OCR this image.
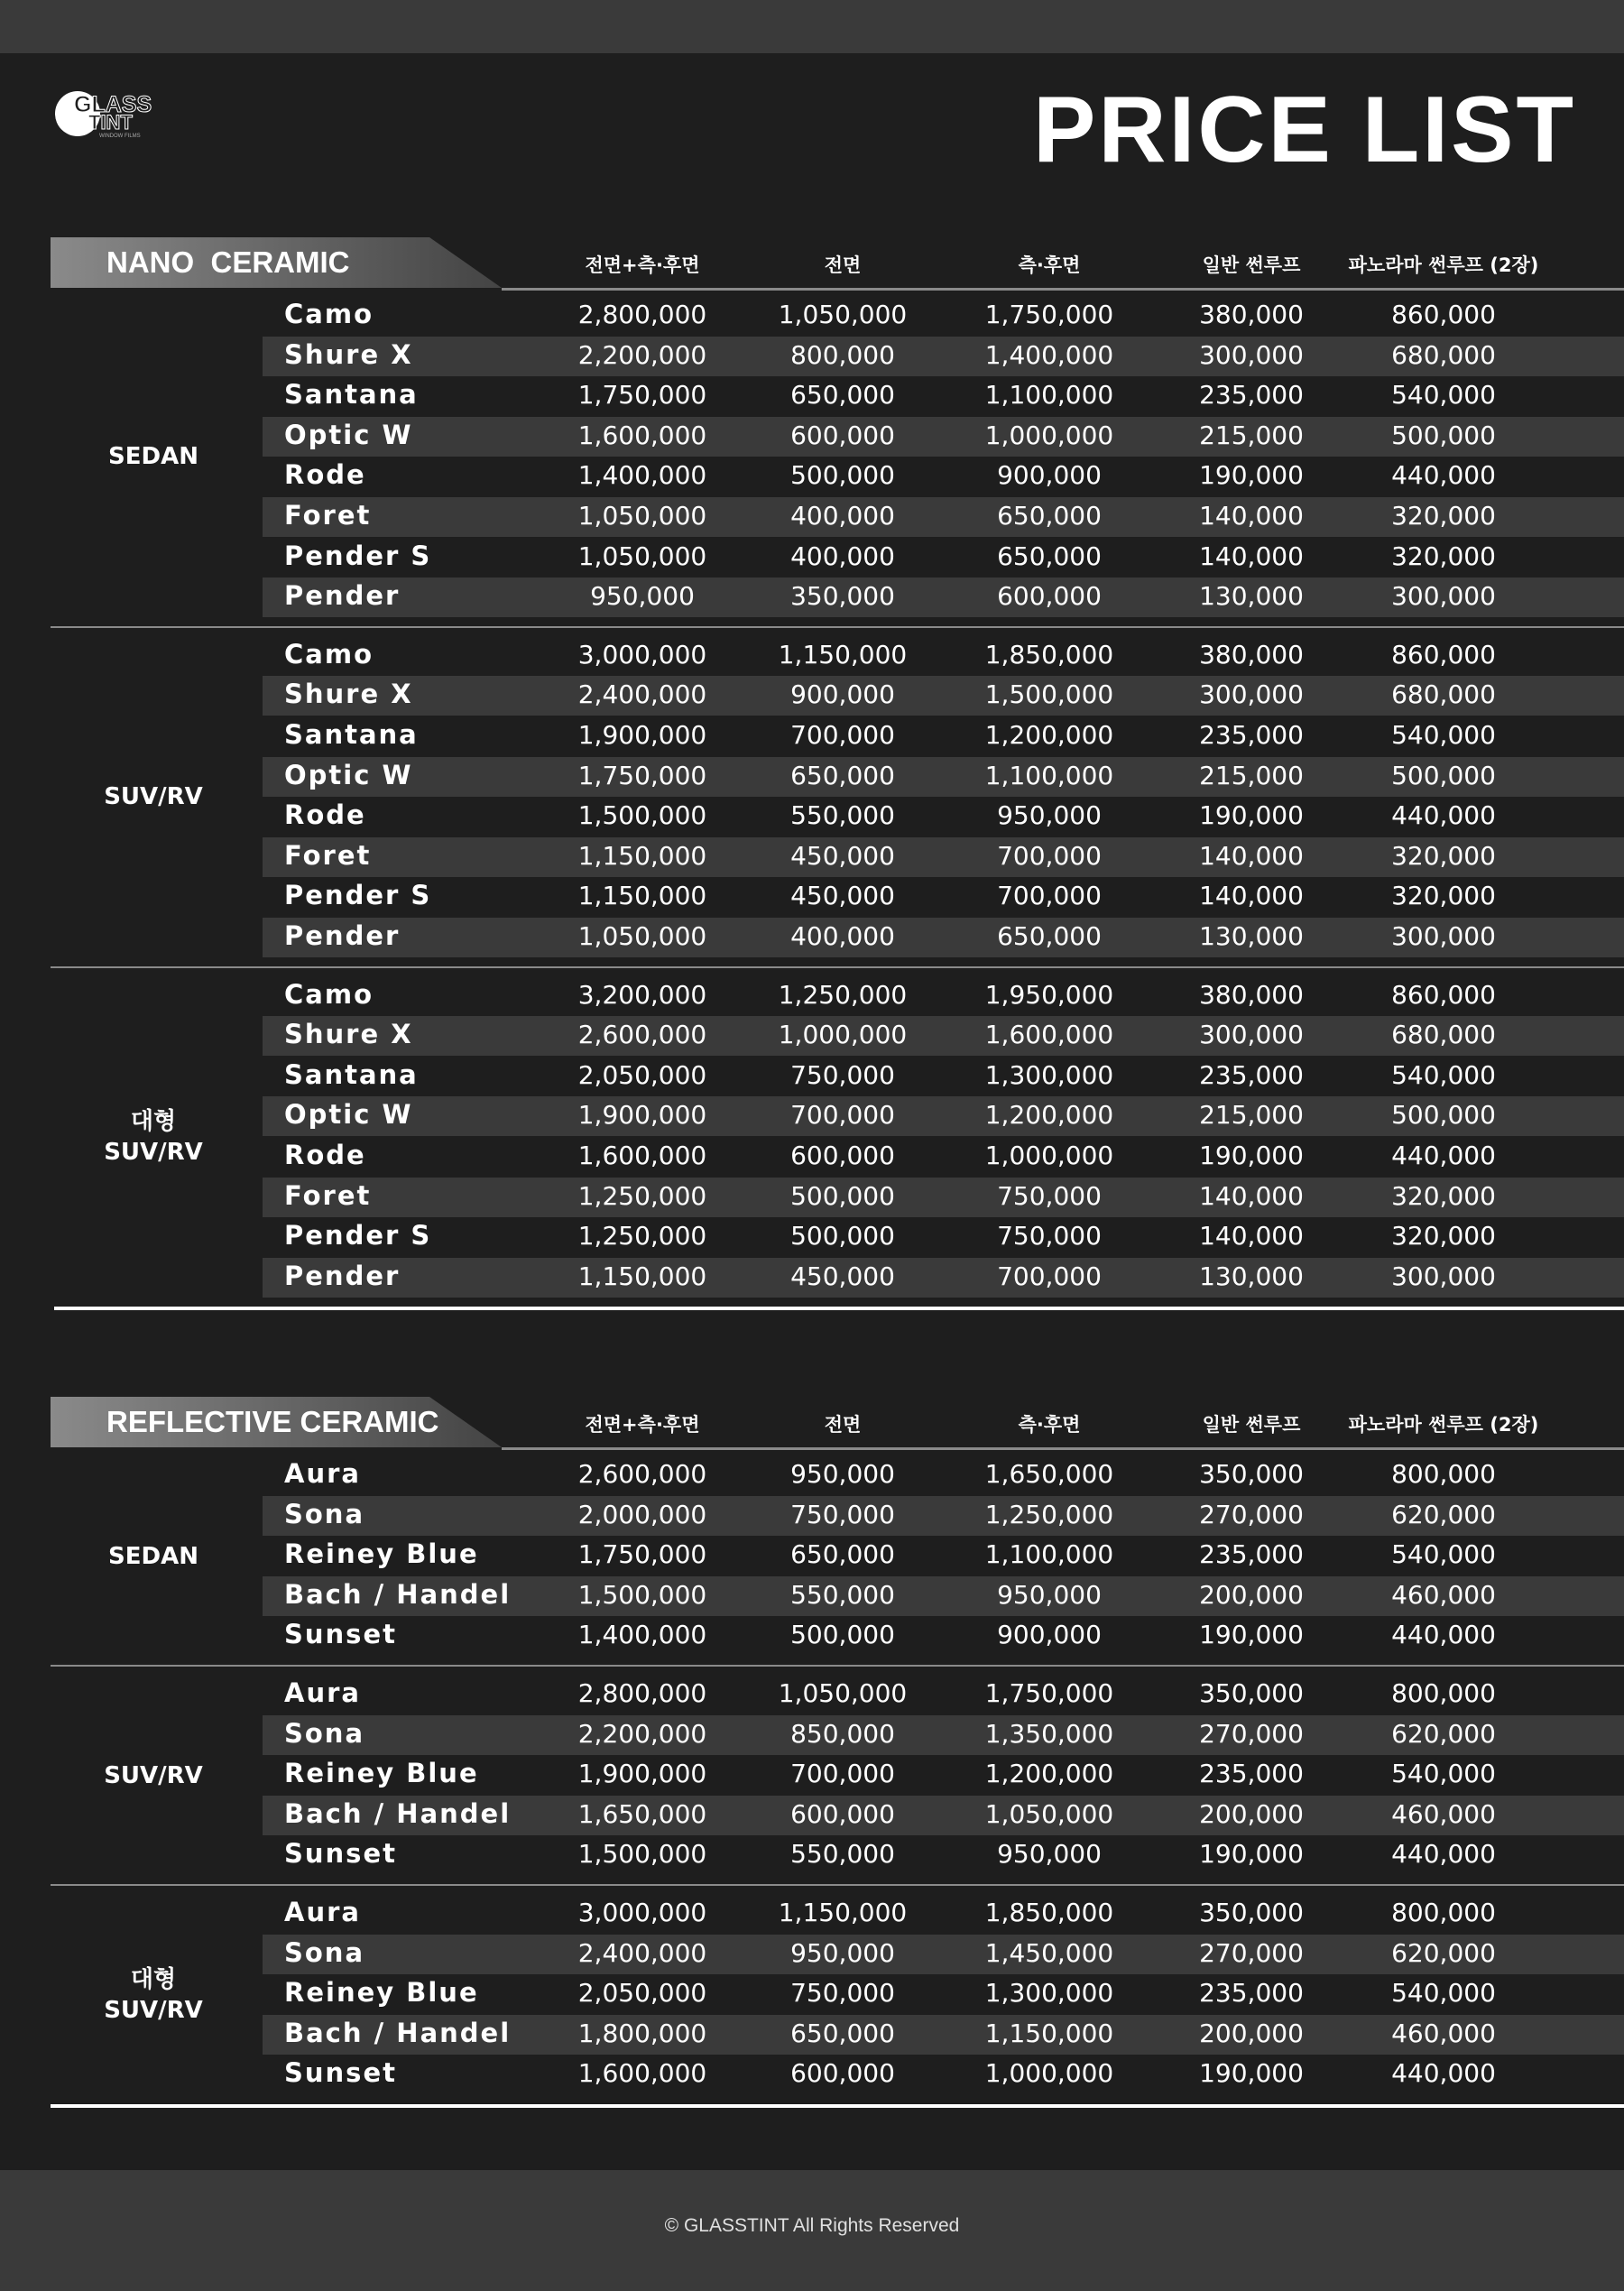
GLASS
TINT
WINDOW FILMS	PRICE LIST
NANO  CERAMIC	전면+측·후면	전면	측·후면	일반 썬루프	파노라마 썬루프 (2장)
SEDAN
Camo	2,800,000	1,050,000	1,750,000	380,000	860,000
Shure X	2,200,000	800,000	1,400,000	300,000	680,000
Santana	1,750,000	650,000	1,100,000	235,000	540,000
Optic W	1,600,000	600,000	1,000,000	215,000	500,000
Rode	1,400,000	500,000	900,000	190,000	440,000
Foret	1,050,000	400,000	650,000	140,000	320,000
Pender S	1,050,000	400,000	650,000	140,000	320,000
Pender	950,000	350,000	600,000	130,000	300,000
SUV/RV
Camo	3,000,000	1,150,000	1,850,000	380,000	860,000
Shure X	2,400,000	900,000	1,500,000	300,000	680,000
Santana	1,900,000	700,000	1,200,000	235,000	540,000
Optic W	1,750,000	650,000	1,100,000	215,000	500,000
Rode	1,500,000	550,000	950,000	190,000	440,000
Foret	1,150,000	450,000	700,000	140,000	320,000
Pender S	1,150,000	450,000	700,000	140,000	320,000
Pender	1,050,000	400,000	650,000	130,000	300,000
대형
SUV/RV
Camo	3,200,000	1,250,000	1,950,000	380,000	860,000
Shure X	2,600,000	1,000,000	1,600,000	300,000	680,000
Santana	2,050,000	750,000	1,300,000	235,000	540,000
Optic W	1,900,000	700,000	1,200,000	215,000	500,000
Rode	1,600,000	600,000	1,000,000	190,000	440,000
Foret	1,250,000	500,000	750,000	140,000	320,000
Pender S	1,250,000	500,000	750,000	140,000	320,000
Pender	1,150,000	450,000	700,000	130,000	300,000
REFLECTIVE CERAMIC	전면+측·후면	전면	측·후면	일반 썬루프	파노라마 썬루프 (2장)
SEDAN
Aura	2,600,000	950,000	1,650,000	350,000	800,000
Sona	2,000,000	750,000	1,250,000	270,000	620,000
Reiney Blue	1,750,000	650,000	1,100,000	235,000	540,000
Bach / Handel	1,500,000	550,000	950,000	200,000	460,000
Sunset	1,400,000	500,000	900,000	190,000	440,000
SUV/RV
Aura	2,800,000	1,050,000	1,750,000	350,000	800,000
Sona	2,200,000	850,000	1,350,000	270,000	620,000
Reiney Blue	1,900,000	700,000	1,200,000	235,000	540,000
Bach / Handel	1,650,000	600,000	1,050,000	200,000	460,000
Sunset	1,500,000	550,000	950,000	190,000	440,000
대형
SUV/RV
Aura	3,000,000	1,150,000	1,850,000	350,000	800,000
Sona	2,400,000	950,000	1,450,000	270,000	620,000
Reiney Blue	2,050,000	750,000	1,300,000	235,000	540,000
Bach / Handel	1,800,000	650,000	1,150,000	200,000	460,000
Sunset	1,600,000	600,000	1,000,000	190,000	440,000
© GLASSTINT All Rights Reserved
